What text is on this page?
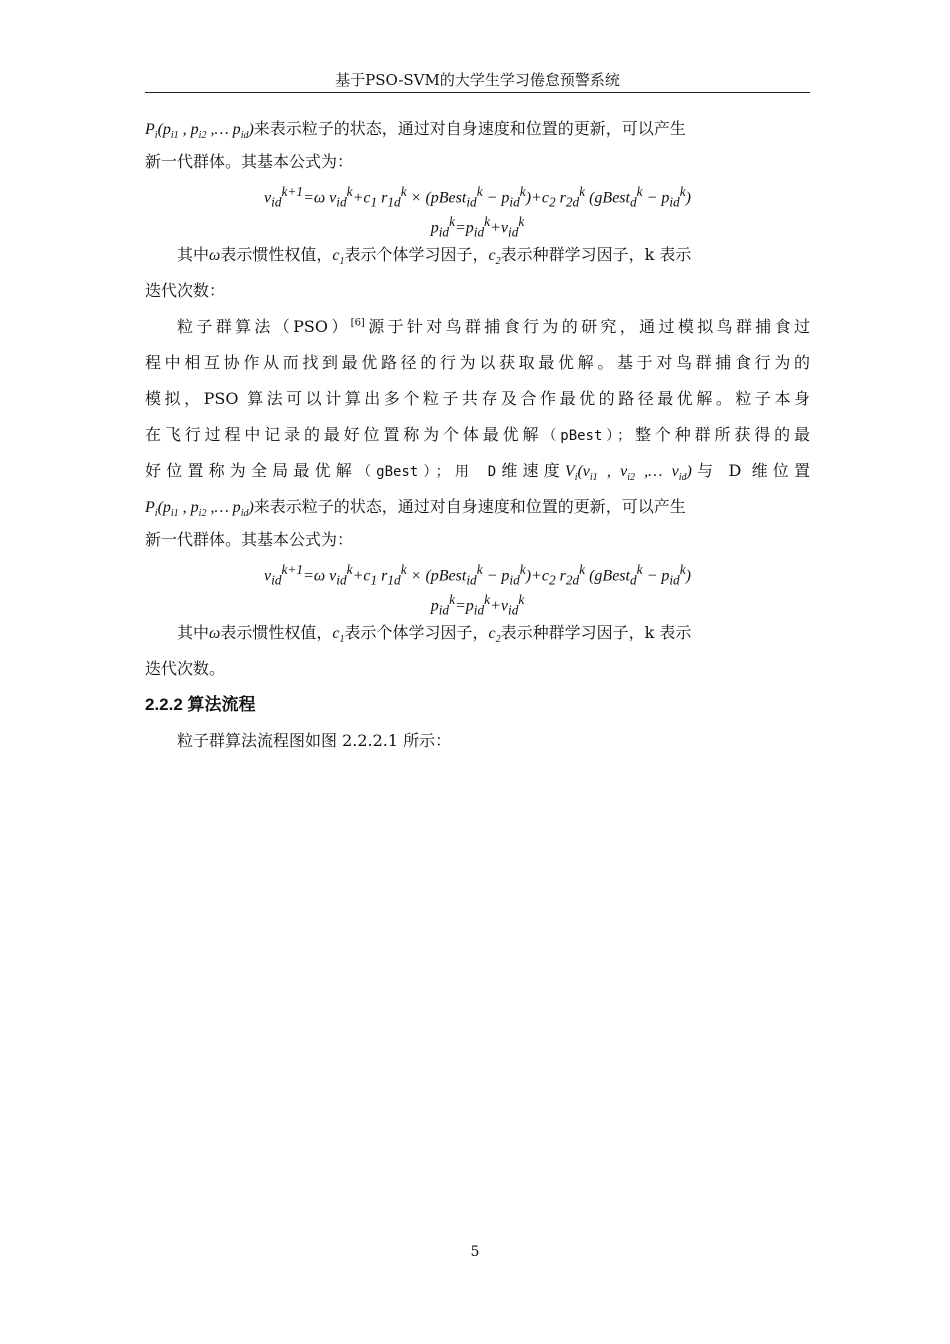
基于PSO-SVM的大学生学习倦怠预警系统
$P_i(p_{i1}$ , $p_{i2}$ ,… $p_{id}$)来表示粒子的状态，通过对自身速度和位置的更新，可以产生
新一代群体。其基本公式为：
$v_{id}^{k+1}=\omega$ $v_{id}^k+c_1$ $r_{1d}^k$ × (pBest$_{id}^k$ − $p_{id}^k)+c_2$ $r_{2d}^k$ (gBest$_d^k$ − $p_{id}^k$)
$p_{id}^k=p_{id}^k+v_{id}^k$
其中ω表示惯性权值，$c_1$表示个体学习因子，$c_2$表示种群学习因子，k 表示
迭代次数：
粒子群算法（PSO）[6]源于针对鸟群捕食行为的研究，通过模拟鸟群捕食过
程中相互协作从而找到最优路径的行为以获取最优解。基于对鸟群捕食行为的
模拟，PSO 算法可以计算出多个粒子共存及合作最优的路径最优解。粒子本身
在飞行过程中记录的最好位置称为个体最优解（pBest）；整个种群所获得的最
好位置称为全局最优解（gBest）；用 D维速度$V_i(v_{i1}$ , $v_{i2}$ ,… $v_{id}$)与 D 维位置
$P_i(p_{i1}$ , $p_{i2}$ ,… $p_{id}$)来表示粒子的状态，通过对自身速度和位置的更新，可以产生
新一代群体。其基本公式为：
$v_{id}^{k+1}=\omega$ $v_{id}^k+c_1$ $r_{1d}^k$ × (pBest$_{id}^k$ − $p_{id}^k)+c_2$ $r_{2d}^k$ (gBest$_d^k$ − $p_{id}^k$)
$p_{id}^k=p_{id}^k+v_{id}^k$
其中ω表示惯性权值，$c_1$表示个体学习因子，$c_2$表示种群学习因子，k 表示
迭代次数。
2.2.2 算法流程
粒子群算法流程图如图 2.2.2.1 所示：
5
